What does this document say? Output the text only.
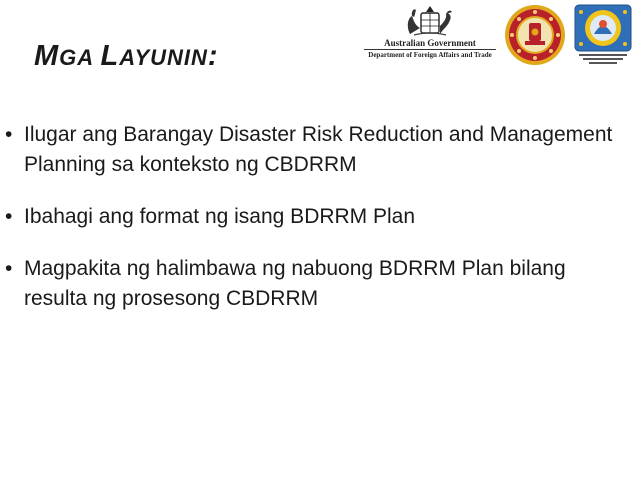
MGA LAYUNIN:	Australian Government
Department of Foreign Affairs and Trade
• Ilugar ang Barangay Disaster Risk Reduction and Management Planning sa konteksto ng CBDRRM
• Ibahagi ang format ng isang BDRRM Plan
• Magpakita ng halimbawa ng nabuong BDRRM Plan bilang resulta ng prosesong CBDRRM
